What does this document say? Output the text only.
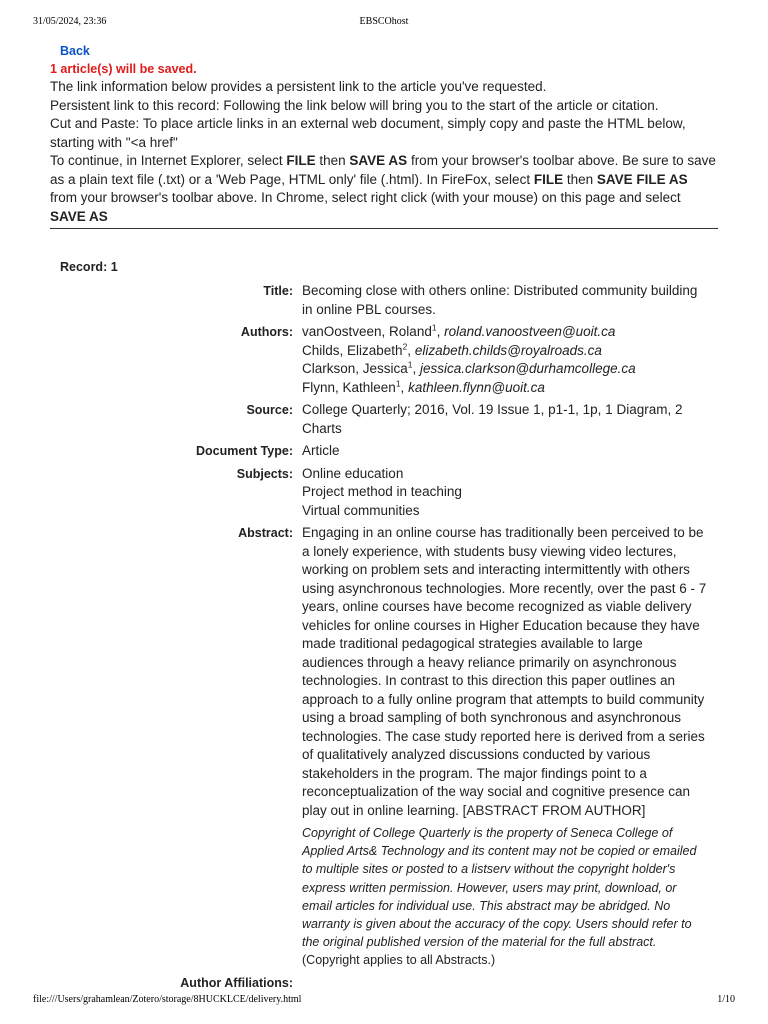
31/05/2024, 23:36	EBSCOhost
Back
1 article(s) will be saved.

The link information below provides a persistent link to the article you've requested.

Persistent link to this record: Following the link below will bring you to the start of the article or citation.

Cut and Paste: To place article links in an external web document, simply copy and paste the HTML below, starting with "<a href"

To continue, in Internet Explorer, select FILE then SAVE AS from your browser's toolbar above. Be sure to save as a plain text file (.txt) or a 'Web Page, HTML only' file (.html). In FireFox, select FILE then SAVE FILE AS from your browser's toolbar above. In Chrome, select right click (with your mouse) on this page and select SAVE AS

Record: 1
Title: Becoming close with others online: Distributed community building in online PBL courses.
Authors: vanOostveen, Roland$^1$, roland.vanoostveen@uoit.ca
Childs, Elizabeth$^2$, elizabeth.childs@royalroads.ca
Clarkson, Jessica$^1$, jessica.clarkson@durhamcollege.ca
Flynn, Kathleen$^1$, kathleen.flynn@uoit.ca
Source: College Quarterly; 2016, Vol. 19 Issue 1, p1-1, 1p, 1 Diagram, 2 Charts
Document Type: Article
Subjects: Online education
Project method in teaching
Virtual communities
Abstract: Engaging in an online course has traditionally been perceived to be a lonely experience, with students busy viewing video lectures, working on problem sets and interacting intermittently with others using asynchronous technologies. More recently, over the past 6 - 7 years, online courses have become recognized as viable delivery vehicles for online courses in Higher Education because they have made traditional pedagogical strategies available to large audiences through a heavy reliance primarily on asynchronous technologies. In contrast to this direction this paper outlines an approach to a fully online program that attempts to build community using a broad sampling of both synchronous and asynchronous technologies. The case study reported here is derived from a series of qualitatively analyzed discussions conducted by various stakeholders in the program. The major findings point to a reconceptualization of the way social and cognitive presence can play out in online learning. [ABSTRACT FROM AUTHOR]
Copyright of College Quarterly is the property of Seneca College of Applied Arts& Technology and its content may not be copied or emailed to multiple sites or posted to a listserv without the copyright holder's express written permission. However, users may print, download, or email articles for individual use. This abstract may be abridged. No warranty is given about the accuracy of the copy. Users should refer to the original published version of the material for the full abstract. (Copyright applies to all Abstracts.)
Author Affiliations:
file:///Users/grahamlean/Zotero/storage/8HUCKLCE/delivery.html	1/10
